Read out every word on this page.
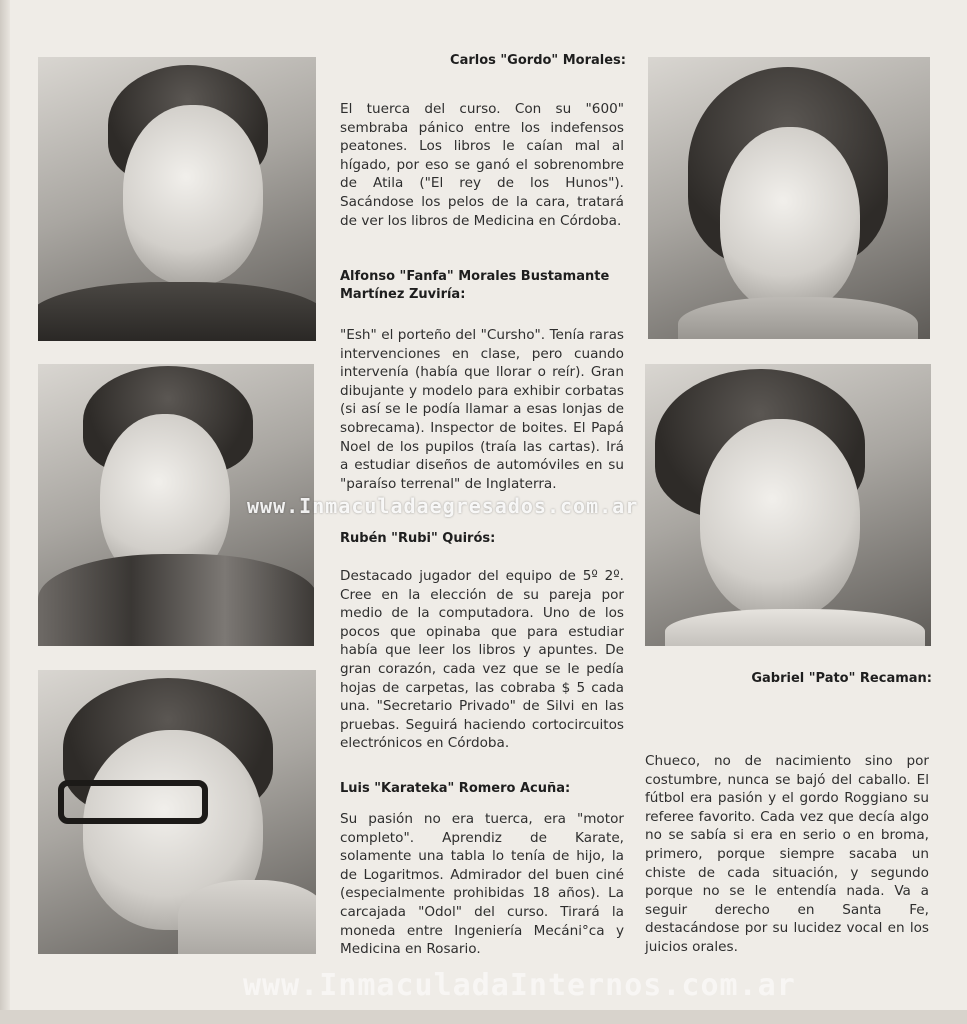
Carlos "Gordo" Morales:

El tuerca del curso. Con su "600" sembraba pánico entre los indefensos peatones. Los libros le caían mal al hígado, por eso se ganó el sobrenombre de Atila ("El rey de los Hunos"). Sacándose los pelos de la cara, tratará de ver los libros de Medicina en Córdoba.

Alfonso "Fanfa" Morales Bustamante Martínez Zuviría:

"Esh" el porteño del "Cursho". Tenía raras intervenciones en clase, pero cuando intervenía (había que llorar o reír). Gran dibujante y modelo para exhibir corbatas (si así se le podía llamar a esas lonjas de sobrecama). Inspector de boites. El Papá Noel de los pupilos (traía las cartas). Irá a estudiar diseños de automóviles en su "paraíso terrenal" de Inglaterra.

Rubén "Rubi" Quirós:

Destacado jugador del equipo de 5º 2º. Cree en la elección de su pareja por medio de la computadora. Uno de los pocos que opinaba que para estudiar había que leer los libros y apuntes. De gran corazón, cada vez que se le pedía hojas de carpetas, las cobraba $ 5 cada una. "Secretario Privado" de Silvi en las pruebas. Seguirá haciendo cortocircuitos electrónicos en Córdoba.

Luis "Karateka" Romero Acuña:

Su pasión no era tuerca, era "motor completo". Aprendiz de Karate, solamente una tabla lo tenía de hijo, la de Logaritmos. Admirador del buen ciné (especialmente prohibidas 18 años). La carcajada "Odol" del curso. Tirará la moneda entre Ingeniería Mecáni°ca y Medicina en Rosario.

Gabriel "Pato" Recaman:

Chueco, no de nacimiento sino por costumbre, nunca se bajó del caballo. El fútbol era pasión y el gordo Roggiano su referee favorito. Cada vez que decía algo no se sabía si era en serio o en broma, primero, porque siempre sacaba un chiste de cada situación, y segundo porque no se le entendía nada. Va a seguir derecho en Santa Fe, destacándose por su lucidez vocal en los juicios orales.

www.Inmaculadaegresados.com.ar
www.InmaculadaInternos.com.ar
